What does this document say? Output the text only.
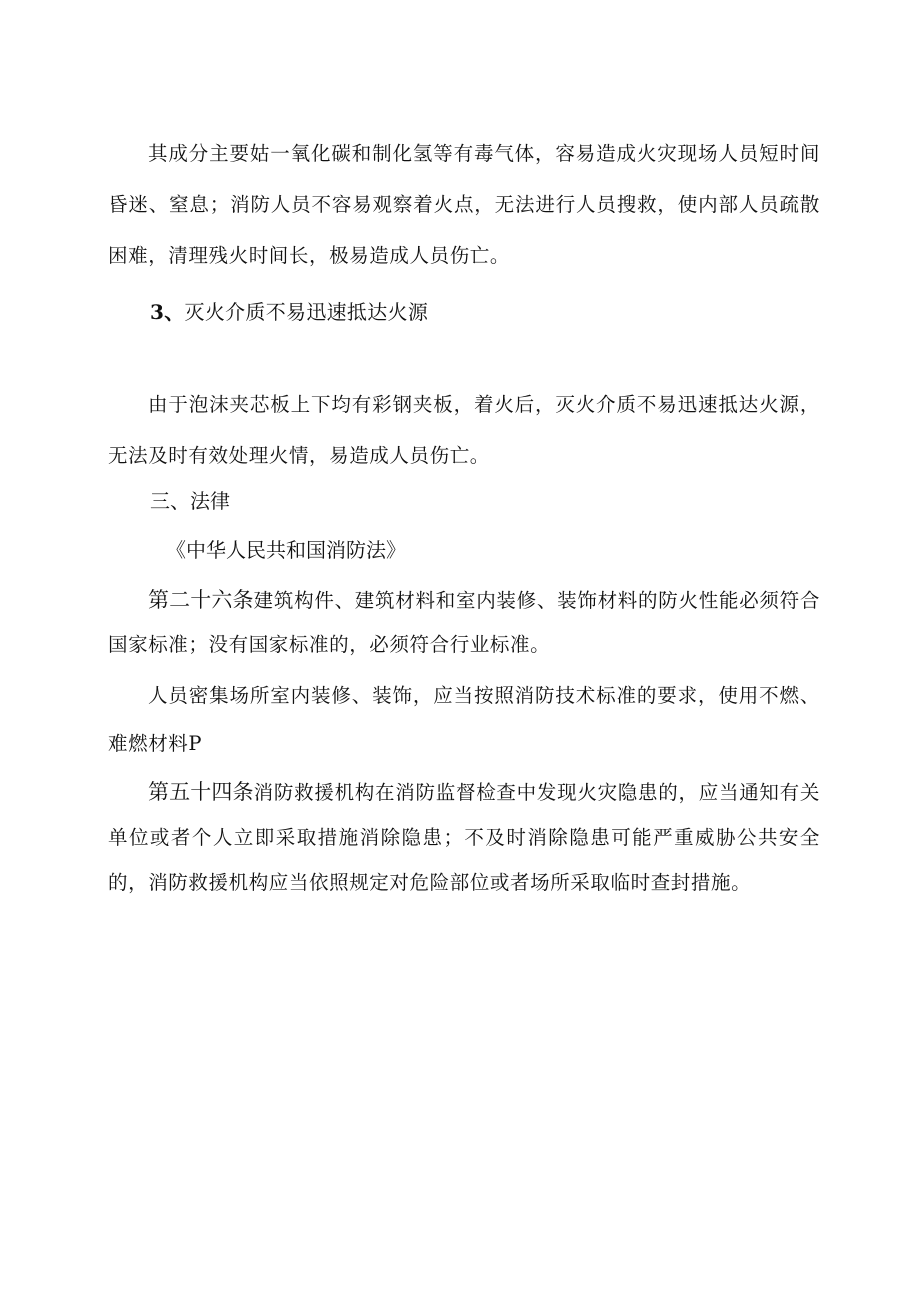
其成分主要姑一氧化碳和制化氢等有毒气体，容易造成火灾现场人员短时间昏迷、窒息；消防人员不容易观察着火点，无法进行人员搜救，使内部人员疏散困难，清理残火时间长，极易造成人员伤亡。

3、灭火介质不易迅速抵达火源

由于泡沫夹芯板上下均有彩钢夹板，着火后，灭火介质不易迅速抵达火源，无法及时有效处理火情，易造成人员伤亡。

三、法律

《中华人民共和国消防法》

第二十六条建筑构件、建筑材料和室内装修、装饰材料的防火性能必须符合国家标准；没有国家标准的，必须符合行业标准。

人员密集场所室内装修、装饰，应当按照消防技术标准的要求，使用不燃、难燃材料P

第五十四条消防救援机构在消防监督检查中发现火灾隐患的，应当通知有关单位或者个人立即采取措施消除隐患；不及时消除隐患可能严重威胁公共安全的，消防救援机构应当依照规定对危险部位或者场所采取临时查封措施。
